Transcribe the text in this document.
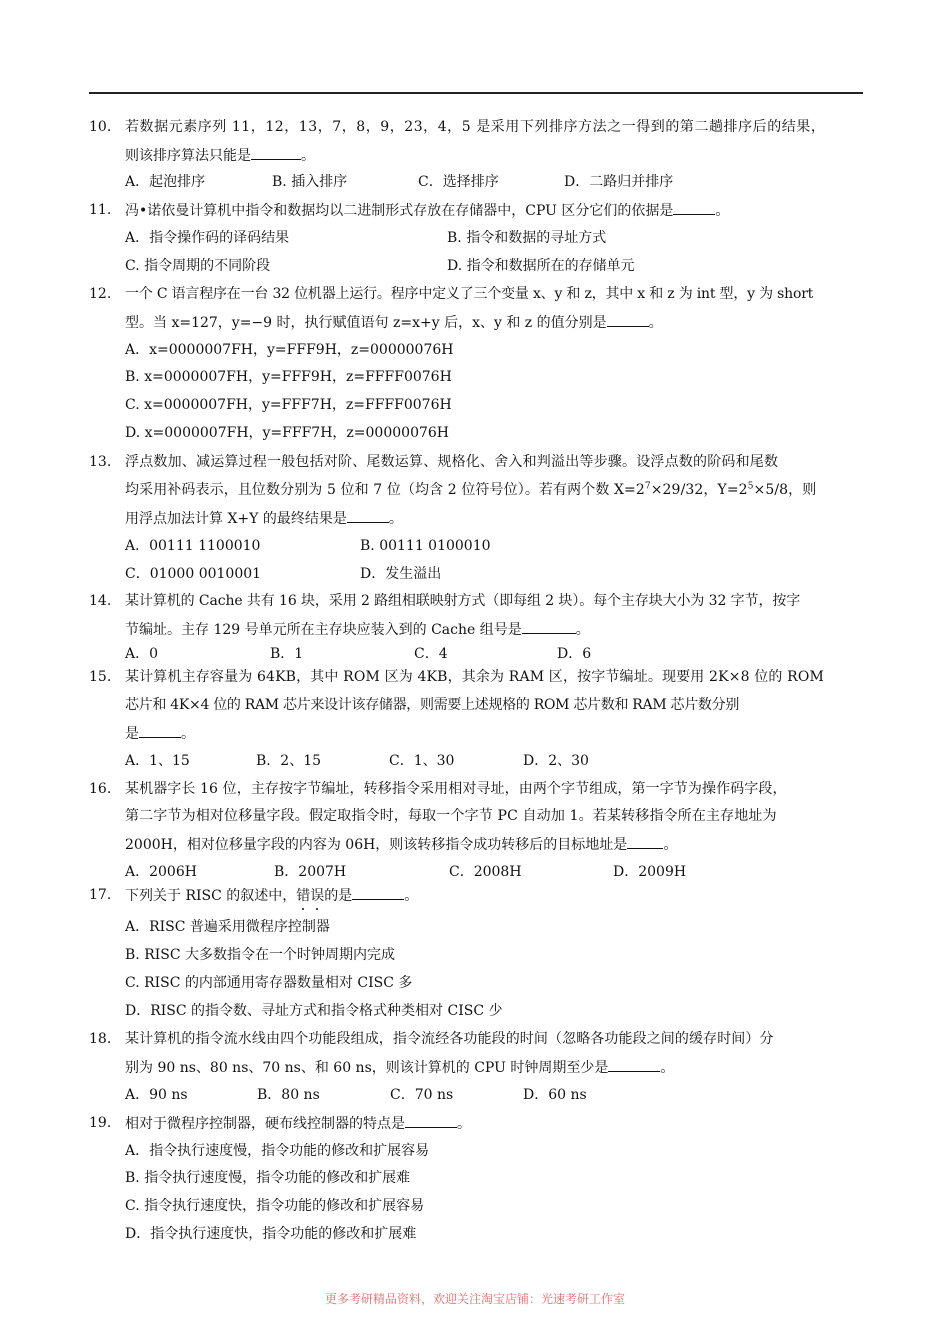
10. 若数据元素序列 11，12，13，7，8，9，23，4，5 是采用下列排序方法之一得到的第二趟排序后的结果，
则该排序算法只能是	。
A．起泡排序	B. 插入排序	C．选择排序	D．二路归并排序
11. 冯•诺依曼计算机中指令和数据均以二进制形式存放在存储器中，CPU 区分它们的依据是	。
A．指令操作码的译码结果	B. 指令和数据的寻址方式
C. 指令周期的不同阶段	D. 指令和数据所在的存储单元
12. 一个 C 语言程序在一台 32 位机器上运行。程序中定义了三个变量 x、y 和 z，其中 x 和 z 为 int 型，y 为 short
型。当 x=127，y=−9 时，执行赋值语句 z=x+y 后，x、y 和 z 的值分别是	。
A．x=0000007FH，y=FFF9H，z=00000076H
B. x=0000007FH，y=FFF9H，z=FFFF0076H
C. x=0000007FH，y=FFF7H，z=FFFF0076H
D. x=0000007FH，y=FFF7H，z=00000076H
13. 浮点数加、减运算过程一般包括对阶、尾数运算、规格化、舍入和判溢出等步骤。设浮点数的阶码和尾数
均采用补码表示，且位数分别为 5 位和 7 位（均含 2 位符号位）。若有两个数 $X=2^7\times 29/32$，$Y=2^5\times 5/8$，则
用浮点加法计算 X+Y 的最终结果是	。
A．00111 1100010	B. 00111 0100010
C．01000 0010001	D．发生溢出
14. 某计算机的 Cache 共有 16 块，采用 2 路组相联映射方式（即每组 2 块）。每个主存块大小为 32 字节，按字
节编址。主存 129 号单元所在主存块应装入到的 Cache 组号是	。
A．0	B．1	C．4	D．6
15. 某计算机主存容量为 64KB，其中 ROM 区为 4KB，其余为 RAM 区，按字节编址。现要用 2K×8 位的 ROM
芯片和 4K×4 位的 RAM 芯片来设计该存储器，则需要上述规格的 ROM 芯片数和 RAM 芯片数分别
是	。
A．1、15	B．2、15	C．1、30	D．2、30
16. 某机器字长 16 位，主存按字节编址，转移指令采用相对寻址，由两个字节组成，第一字节为操作码字段，
第二字节为相对位移量字段。假定取指令时，每取一个字节 PC 自动加 1。若某转移指令所在主存地址为
2000H，相对位移量字段的内容为 06H，则该转移指令成功转移后的目标地址是	。
A．2006H	B．2007H	C．2008H	D．2009H
17. 下列关于 RISC 的叙述中，错误的是	。
A．RISC 普遍采用微程序控制器
B. RISC 大多数指令在一个时钟周期内完成
C. RISC 的内部通用寄存器数量相对 CISC 多
D．RISC 的指令数、寻址方式和指令格式种类相对 CISC 少
18. 某计算机的指令流水线由四个功能段组成，指令流经各功能段的时间（忽略各功能段之间的缓存时间）分
别为 90 ns、80 ns、70 ns、和 60 ns，则该计算机的 CPU 时钟周期至少是	。
A．90 ns	B．80 ns	C．70 ns	D．60 ns
19. 相对于微程序控制器，硬布线控制器的特点是	。
A．指令执行速度慢，指令功能的修改和扩展容易
B. 指令执行速度慢，指令功能的修改和扩展难
C. 指令执行速度快，指令功能的修改和扩展容易
D．指令执行速度快，指令功能的修改和扩展难
更多考研精品资料，欢迎关注淘宝店铺：光速考研工作室
